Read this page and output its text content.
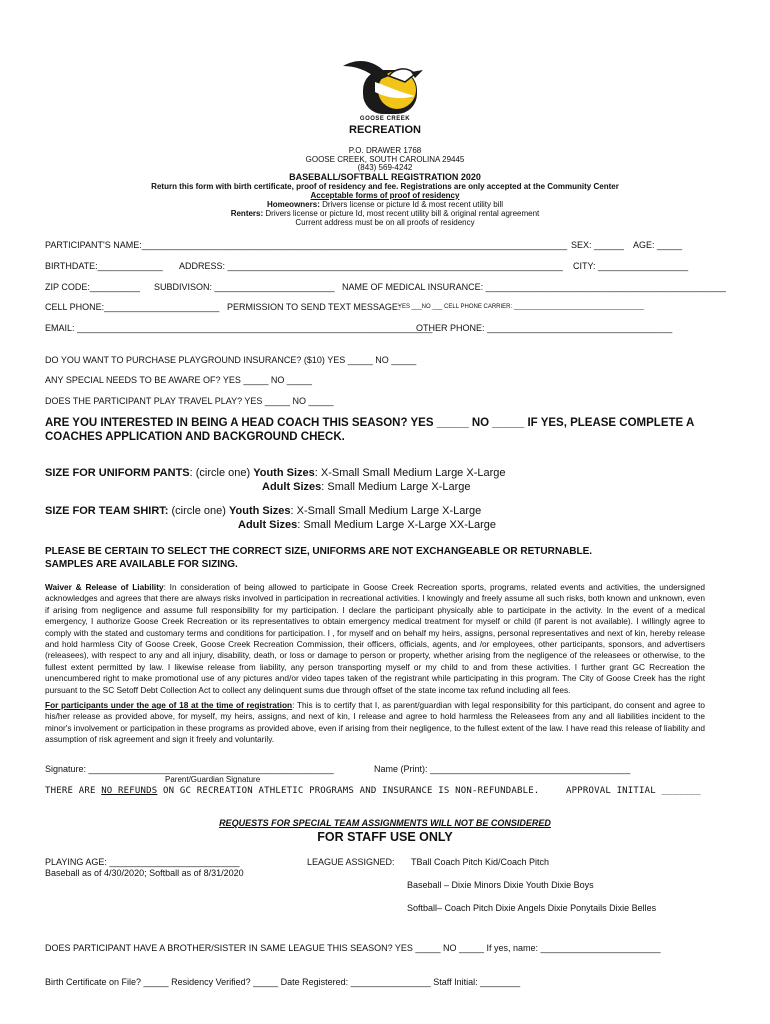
GOOSE CREEK
RECREATION
P.O. DRAWER 1768
GOOSE CREEK, SOUTH CAROLINA 29445
(843) 569-4242
BASEBALL/SOFTBALL REGISTRATION 2020
Return this form with birth certificate, proof of residency and fee. Registrations are only accepted at the Community Center
Acceptable forms of proof of residency
Homeowners: Drivers license or picture Id & most recent utility bill
Renters: Drivers license or picture Id, most recent utility bill & original rental agreement
Current address must be on all proofs of residency
PARTICIPANT'S NAME:_____________________________________________________________________________________ SEX: ______ AGE: _____
BIRTHDATE:_____________ ADDRESS: ___________________________________________________________________ CITY: __________________
ZIP CODE:__________ SUBDIVISON: ________________________ NAME OF MEDICAL INSURANCE: ________________________________________________
CELL PHONE:_______________________ PERMISSION TO SEND TEXT MESSAGE:
YES ___NO ___ CELL PHONE CARRIER: _______________________________________
EMAIL: _______________________________________________________________________
OTHER PHONE: _____________________________________
DO YOU WANT TO PURCHASE PLAYGROUND INSURANCE? ($10) YES _____ NO _____
ANY SPECIAL NEEDS TO BE AWARE OF? YES _____ NO _____
DOES THE PARTICIPANT PLAY TRAVEL PLAY? YES _____ NO _____
ARE YOU INTERESTED IN BEING A HEAD COACH THIS SEASON? YES _____ NO _____ IF YES, PLEASE COMPLETE A
COACHES APPLICATION AND BACKGROUND CHECK.
SIZE FOR UNIFORM PANTS: (circle one) Youth Sizes: X-Small Small Medium Large X-Large
Adult Sizes: Small Medium Large X-Large
SIZE FOR TEAM SHIRT: (circle one) Youth Sizes: X-Small Small Medium Large X-Large
Adult Sizes: Small Medium Large X-Large XX-Large
PLEASE BE CERTAIN TO SELECT THE CORRECT SIZE, UNIFORMS ARE NOT EXCHANGEABLE OR RETURNABLE.
SAMPLES ARE AVAILABLE FOR SIZING.
Waiver & Release of Liability: In consideration of being allowed to participate in Goose Creek Recreation sports, programs, related events and activities, the undersigned acknowledges and agrees that there are always risks involved in participation in recreational activities. I knowingly and freely assume all such risks, both known and unknown, even if arising from negligence and assume full responsibility for my participation. I declare the participant physically able to participate in the activity. In the event of a medical emergency, I authorize Goose Creek Recreation or its representatives to obtain emergency medical treatment for myself or child (if parent is not available). I willingly agree to comply with the stated and customary terms and conditions for participation. I , for myself and on behalf my heirs, assigns, personal representatives and next of kin, hereby release and hold harmless City of Goose Creek, Goose Creek Recreation Commission, their officers, officials, agents, and /or employees, other participants, sponsors, and advertisers (releasees), with respect to any and all injury, disability, death, or loss or damage to person or property, whether arising from the negligence of the releasees or otherwise, to the fullest extent permitted by law. I likewise release from liability, any person transporting myself or my child to and from these activities. I further grant GC Recreation the unencumbered right to make promotional use of any pictures and/or video tapes taken of the registrant while participating in this program. The City of Goose Creek has the right pursuant to the SC Setoff Debt Collection Act to collect any delinquent sums due through offset of the state income tax refund including all fees.
For participants under the age of 18 at the time of registration: This is to certify that I, as parent/guardian with legal responsibility for this participant, do consent and agree to his/her release as provided above, for myself, my heirs, assigns, and next of kin, I release and agree to hold harmless the Releasees from any and all liabilities incident to the minor's involvement or participation in these programs as provided above, even if arising from their negligence, to the fullest extent of the law. I have read this release of liability and assumption of risk agreement and sign it freely and voluntarily.
Signature: _________________________________________________	Name (Print): ________________________________________
Parent/Guardian Signature
THERE ARE NO REFUNDS ON GC RECREATION ATHLETIC PROGRAMS AND INSURANCE IS NON-REFUNDABLE.	APPROVAL INITIAL _______
REQUESTS FOR SPECIAL TEAM ASSIGNMENTS WILL NOT BE CONSIDERED
FOR STAFF USE ONLY
PLAYING AGE: __________________________
Baseball as of 4/30/2020; Softball as of 8/31/2020
LEAGUE ASSIGNED: TBall Coach Pitch Kid/Coach Pitch
Baseball – Dixie Minors Dixie Youth Dixie Boys
Softball– Coach Pitch Dixie Angels Dixie Ponytails Dixie Belles
DOES PARTICIPANT HAVE A BROTHER/SISTER IN SAME LEAGUE THIS SEASON? YES _____ NO _____ If yes, name: ________________________
Birth Certificate on File? _____ Residency Verified? _____ Date Registered: ________________ Staff Initial: ________
